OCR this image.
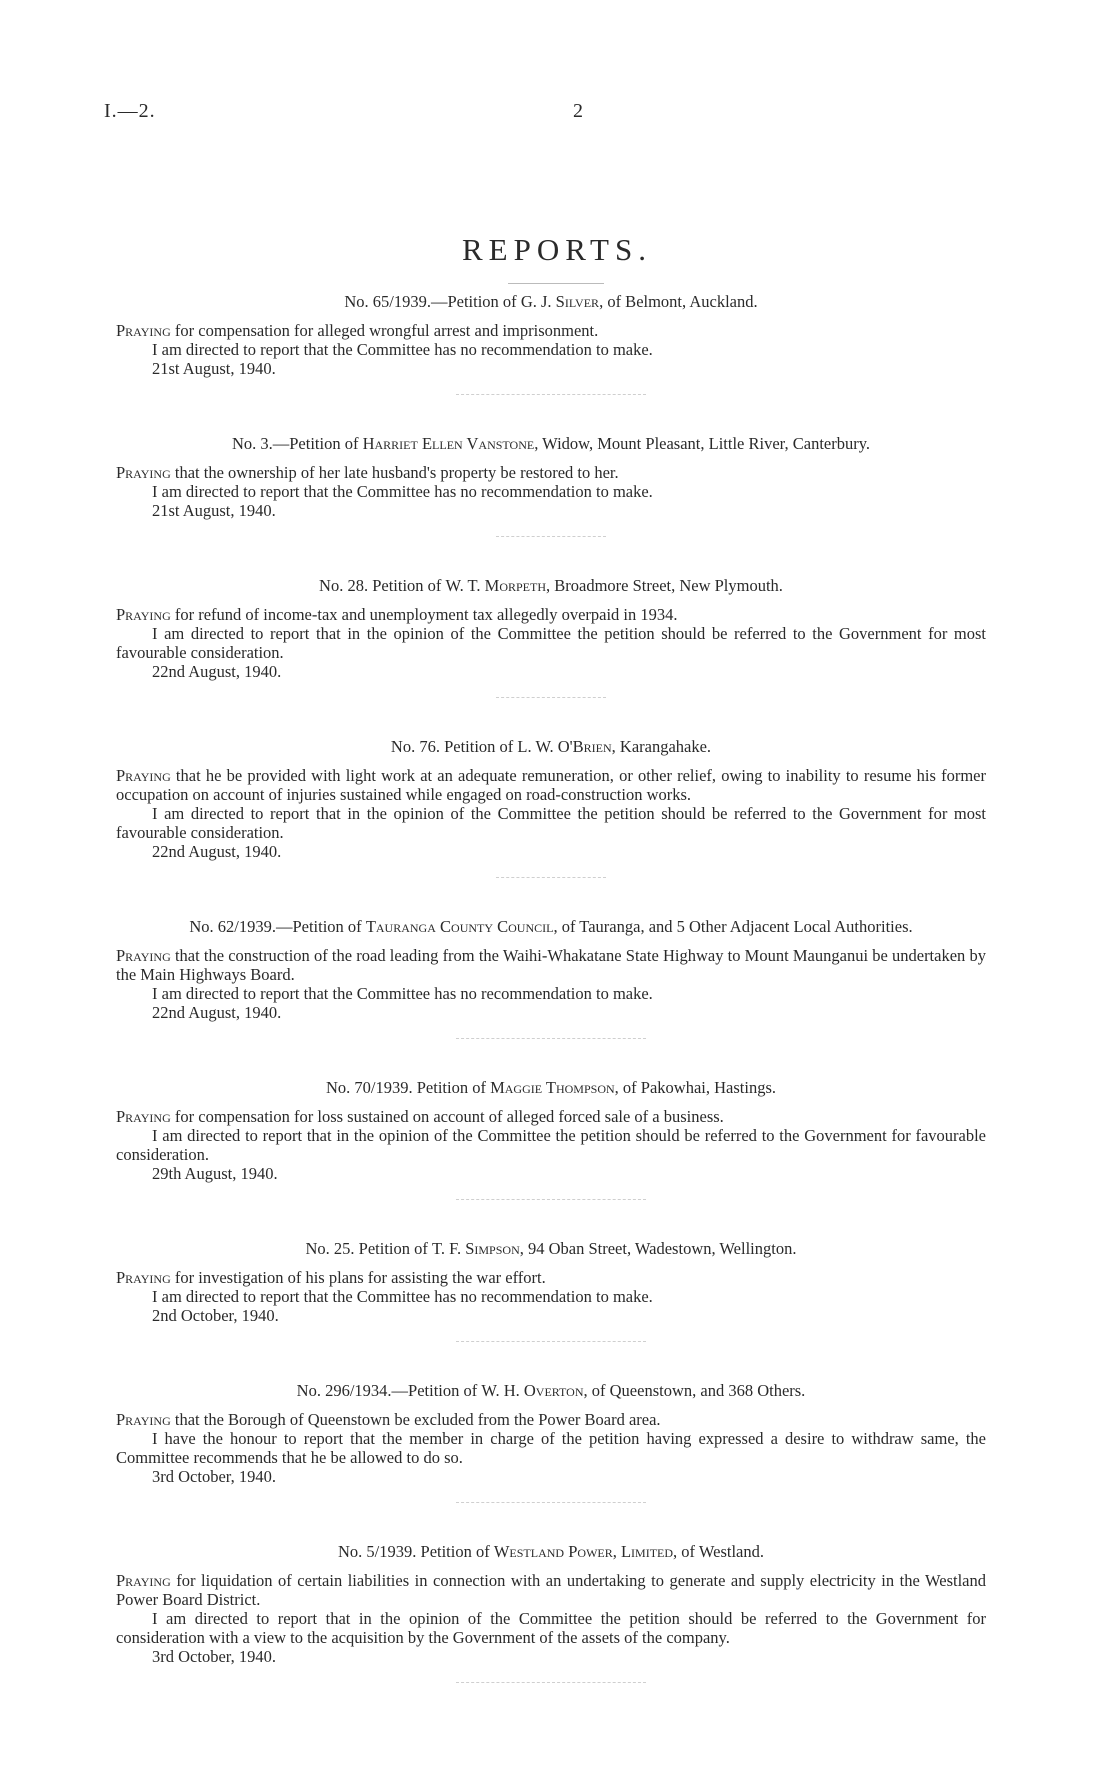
I.—2.	2
REPORTS.

No. 65/1939.—Petition of G. J. Silver, of Belmont, Auckland.

Praying for compensation for alleged wrongful arrest and imprisonment.

I am directed to report that the Committee has no recommendation to make.

21st August, 1940.

No. 3.—Petition of Harriet Ellen Vanstone, Widow, Mount Pleasant, Little River, Canterbury.

Praying that the ownership of her late husband's property be restored to her.

I am directed to report that the Committee has no recommendation to make.

21st August, 1940.

No. 28. Petition of W. T. Morpeth, Broadmore Street, New Plymouth.

Praying for refund of income-tax and unemployment tax allegedly overpaid in 1934.

I am directed to report that in the opinion of the Committee the petition should be referred to the Government for most favourable consideration.

22nd August, 1940.

No. 76. Petition of L. W. O'Brien, Karangahake.

Praying that he be provided with light work at an adequate remuneration, or other relief, owing to inability to resume his former occupation on account of injuries sustained while engaged on road-construction works.

I am directed to report that in the opinion of the Committee the petition should be referred to the Government for most favourable consideration.

22nd August, 1940.

No. 62/1939.—Petition of Tauranga County Council, of Tauranga, and 5 Other Adjacent Local Authorities.

Praying that the construction of the road leading from the Waihi-Whakatane State Highway to Mount Maunganui be undertaken by the Main Highways Board.

I am directed to report that the Committee has no recommendation to make.

22nd August, 1940.

No. 70/1939. Petition of Maggie Thompson, of Pakowhai, Hastings.

Praying for compensation for loss sustained on account of alleged forced sale of a business.

I am directed to report that in the opinion of the Committee the petition should be referred to the Government for favourable consideration.

29th August, 1940.

No. 25. Petition of T. F. Simpson, 94 Oban Street, Wadestown, Wellington.

Praying for investigation of his plans for assisting the war effort.

I am directed to report that the Committee has no recommendation to make.

2nd October, 1940.

No. 296/1934.—Petition of W. H. Overton, of Queenstown, and 368 Others.

Praying that the Borough of Queenstown be excluded from the Power Board area.

I have the honour to report that the member in charge of the petition having expressed a desire to withdraw same, the Committee recommends that he be allowed to do so.

3rd October, 1940.

No. 5/1939. Petition of Westland Power, Limited, of Westland.

Praying for liquidation of certain liabilities in connection with an undertaking to generate and supply electricity in the Westland Power Board District.

I am directed to report that in the opinion of the Committee the petition should be referred to the Government for consideration with a view to the acquisition by the Government of the assets of the company.

3rd October, 1940.
